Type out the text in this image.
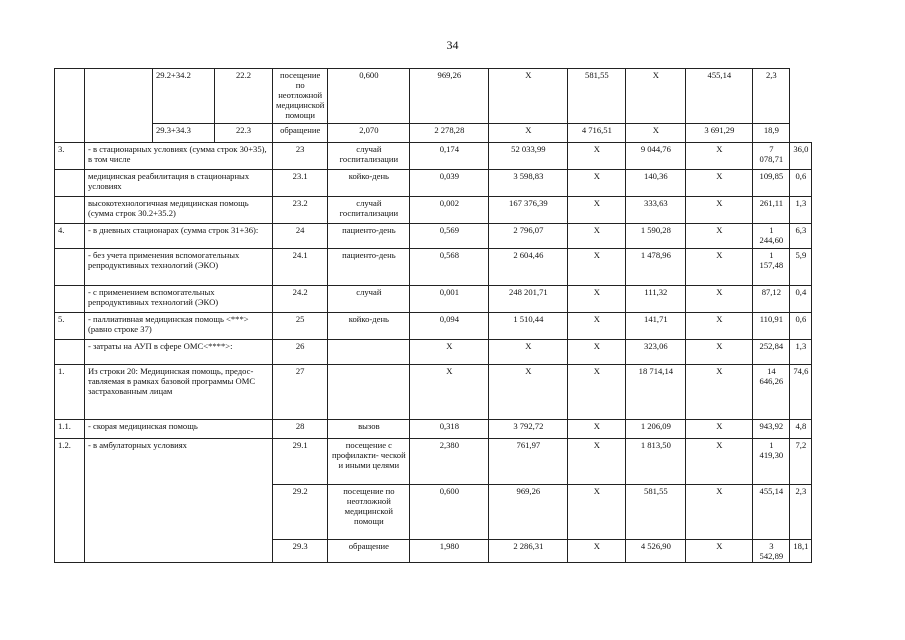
34
		29.2+34.2	22.2	посещение по неотложной медицинской помощи	0,600	969,26	Х	581,55	Х	455,14	2,3	
		29.3+34.3	22.3	обращение	2,070	2 278,28	Х	4 716,51	Х	3 691,29	18,9	
3.	- в стационарных условиях (сумма строк 30+35), в том числе			23	случай госпитализации	0,174	52 033,99	Х	9 044,76	Х	7 078,71	36,0
	медицинская реабилитация в стационарных условиях			23.1	койко-день	0,039	3 598,83	Х	140,36	Х	109,85	0,6
	высокотехнологичная медицинская помощь (сумма строк 30.2+35.2)			23.2	случай госпитализации	0,002	167 376,39	Х	333,63	Х	261,11	1,3
4.	- в дневных стационарах (сумма строк 31+36):			24	пациенто-день	0,569	2 796,07	Х	1 590,28	Х	1 244,60	6,3
	- без учета применения вспомогательных репродуктивных технологий (ЭКО)			24.1	пациенто-день	0,568	2 604,46	Х	1 478,96	Х	1 157,48	5,9
	- с применением вспомогательных репродуктивных технологий (ЭКО)			24.2	случай	0,001	248 201,71	Х	111,32	Х	87,12	0,4
5.	- паллиативная медицинская помощь <***> (равно строке 37)			25	койко-день	0,094	1 510,44	Х	141,71	Х	110,91	0,6
	- затраты на АУП в сфере ОМС<****>:			26		Х	Х	Х	323,06	Х	252,84	1,3
1.	Из строки 20: Медицинская помощь, предос- тавляемая в рамках базовой программы ОМС застрахованным лицам			27		Х	Х	Х	18 714,14	Х	14 646,26	74,6
1.1.	- скорая медицинская помощь			28	вызов	0,318	3 792,72	Х	1 206,09	Х	943,92	4,8
1.2.	- в амбулаторных условиях			29.1	посещение с профилакти- ческой и иными целями	2,380	761,97	Х	1 813,50	Х	1 419,30	7,2
				29.2	посещение по неотложной медицинской помощи	0,600	969,26	Х	581,55	Х	455,14	2,3
				29.3	обращение	1,980	2 286,31	Х	4 526,90	Х	3 542,89	18,1
